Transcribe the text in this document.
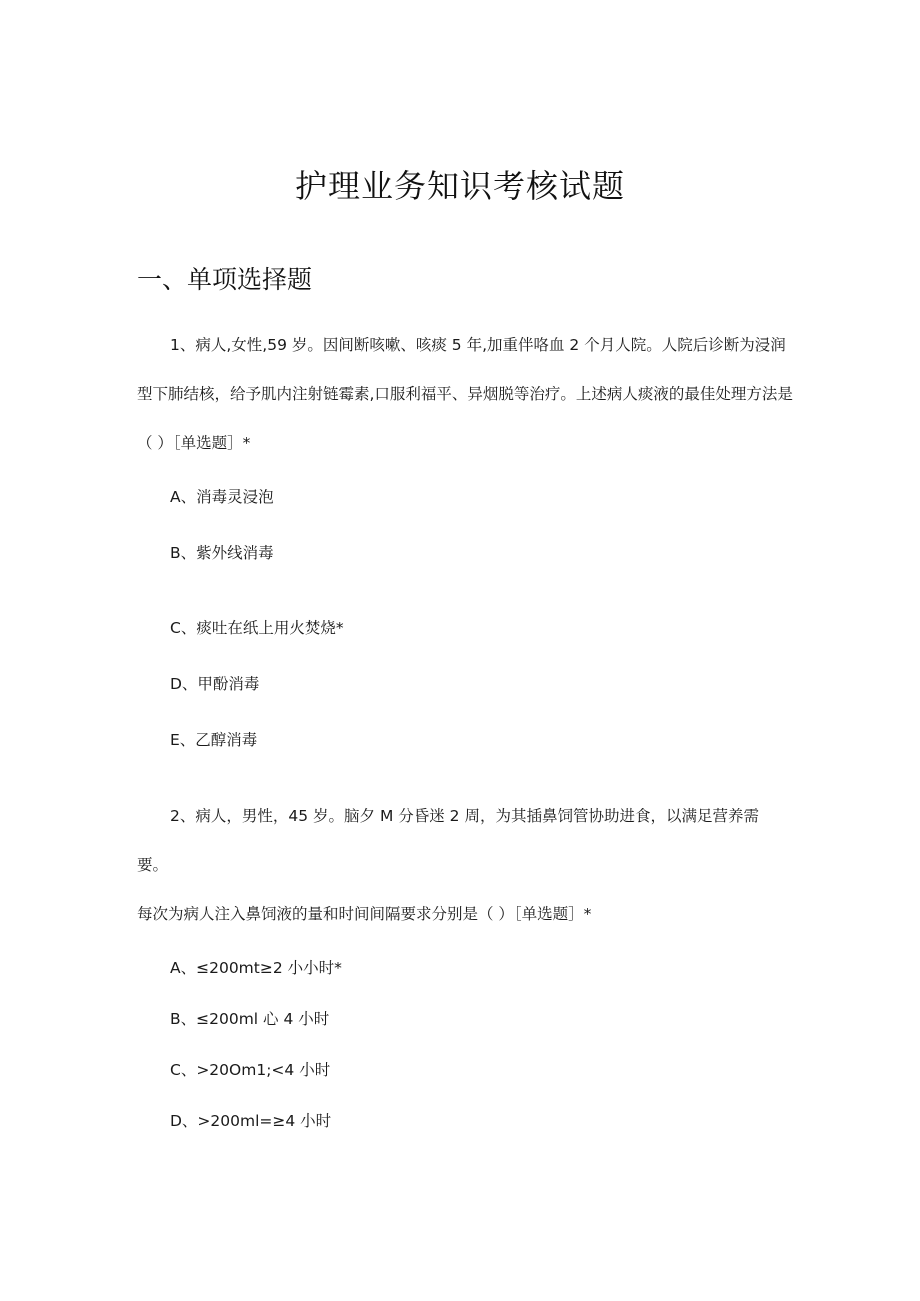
护理业务知识考核试题
一、单项选择题
1、病人,女性,59 岁。因间断咳嗽、咳痰 5 年,加重伴咯血 2 个月人院。人院后诊断为浸润
型下肺结核，给予肌内注射链霉素,口服利福平、异烟脱等治疗。上述病人痰液的最佳处理方法是
（ ）［单选题］*
A、消毒灵浸泡
B、紫外线消毒
C、痰吐在纸上用火焚烧*
D、甲酚消毒
E、乙醇消毒
2、病人，男性，45 岁。脑夕 M 分昏迷 2 周，为其插鼻饲管协助进食，以满足营养需
要。
每次为病人注入鼻饲液的量和时间间隔要求分别是（ ）［单选题］*
A、≤200mt≥2 小小时*
B、≤200ml 心 4 小时
C、>20Om1;<4 小时
D、>200ml=≥4 小时
